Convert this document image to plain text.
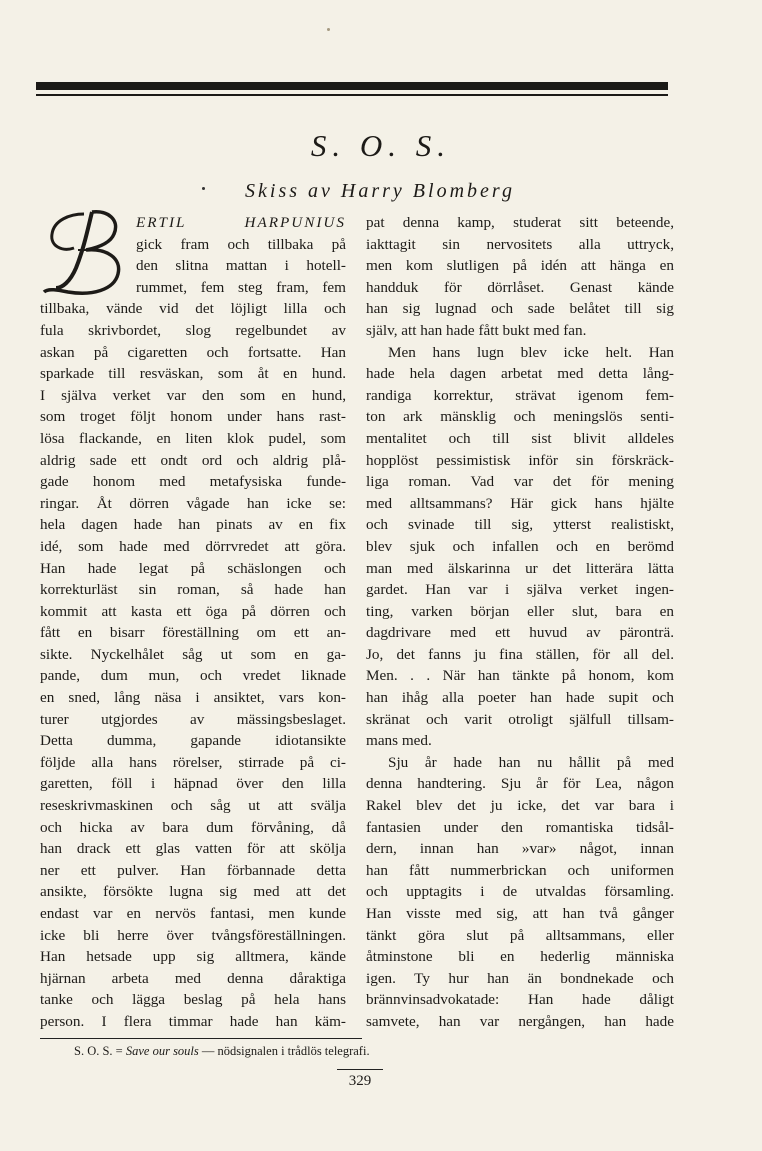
S. O. S.
Skiss av Harry Blomberg
ERTIL HARPUNIUS
gick fram och tillbaka på
den slitna mattan i hotell-
rummet, fem steg fram, fem
tillbaka, vände vid det löjligt lilla och
fula skrivbordet, slog regelbundet av
askan på cigaretten och fortsatte. Han
sparkade till resväskan, som åt en hund.
I själva verket var den som en hund,
som troget följt honom under hans rast-
lösa flackande, en liten klok pudel, som
aldrig sade ett ondt ord och aldrig plå-
gade honom med metafysiska funde-
ringar. Åt dörren vågade han icke se:
hela dagen hade han pinats av en fix
idé, som hade med dörrvredet att göra.
Han hade legat på schäslongen och
korrekturläst sin roman, så hade han
kommit att kasta ett öga på dörren och
fått en bisarr föreställning om ett an-
sikte. Nyckelhålet såg ut som en ga-
pande, dum mun, och vredet liknade
en sned, lång näsa i ansiktet, vars kon-
turer utgjordes av mässingsbeslaget.
Detta dumma, gapande idiotansikte
följde alla hans rörelser, stirrade på ci-
garetten, föll i häpnad över den lilla
reseskrivmaskinen och såg ut att svälja
och hicka av bara dum förvåning, då
han drack ett glas vatten för att skölja
ner ett pulver. Han förbannade detta
ansikte, försökte lugna sig med att det
endast var en nervös fantasi, men kunde
icke bli herre över tvångsföreställningen.
Han hetsade upp sig alltmera, kände
hjärnan arbeta med denna dåraktiga
tanke och lägga beslag på hela hans
person. I flera timmar hade han käm-
pat denna kamp, studerat sitt beteende,
iakttagit sin nervositets alla uttryck,
men kom slutligen på idén att hänga en
handduk för dörrlåset. Genast kände
han sig lugnad och sade belåtet till sig
själv, att han hade fått bukt med fan.
Men hans lugn blev icke helt. Han
hade hela dagen arbetat med detta lång-
randiga korrektur, strävat igenom fem-
ton ark mänsklig och meningslös senti-
mentalitet och till sist blivit alldeles
hopplöst pessimistisk inför sin förskräck-
liga roman. Vad var det för mening
med alltsammans? Här gick hans hjälte
och svinade till sig, ytterst realistiskt,
blev sjuk och infallen och en berömd
man med älskarinna ur det litterära lätta
gardet. Han var i själva verket ingen-
ting, varken början eller slut, bara en
dagdrivare med ett huvud av päronträ.
Jo, det fanns ju fina ställen, för all del.
Men. . . När han tänkte på honom, kom
han ihåg alla poeter han hade supit och
skränat och varit otroligt själfull tillsam-
mans med.
Sju år hade han nu hållit på med
denna handtering. Sju år för Lea, någon
Rakel blev det ju icke, det var bara i
fantasien under den romantiska tidsål-
dern, innan han »var» något, innan
han fått nummerbrickan och uniformen
och upptagits i de utvaldas församling.
Han visste med sig, att han två gånger
tänkt göra slut på alltsammans, eller
åtminstone bli en hederlig människa
igen. Ty hur han än bondnekade och
brännvinsadvokatade: Han hade dåligt
samvete, han var nergången, han hade
S. O. S. = Save our souls — nödsignalen i trådlös telegrafi.
329
